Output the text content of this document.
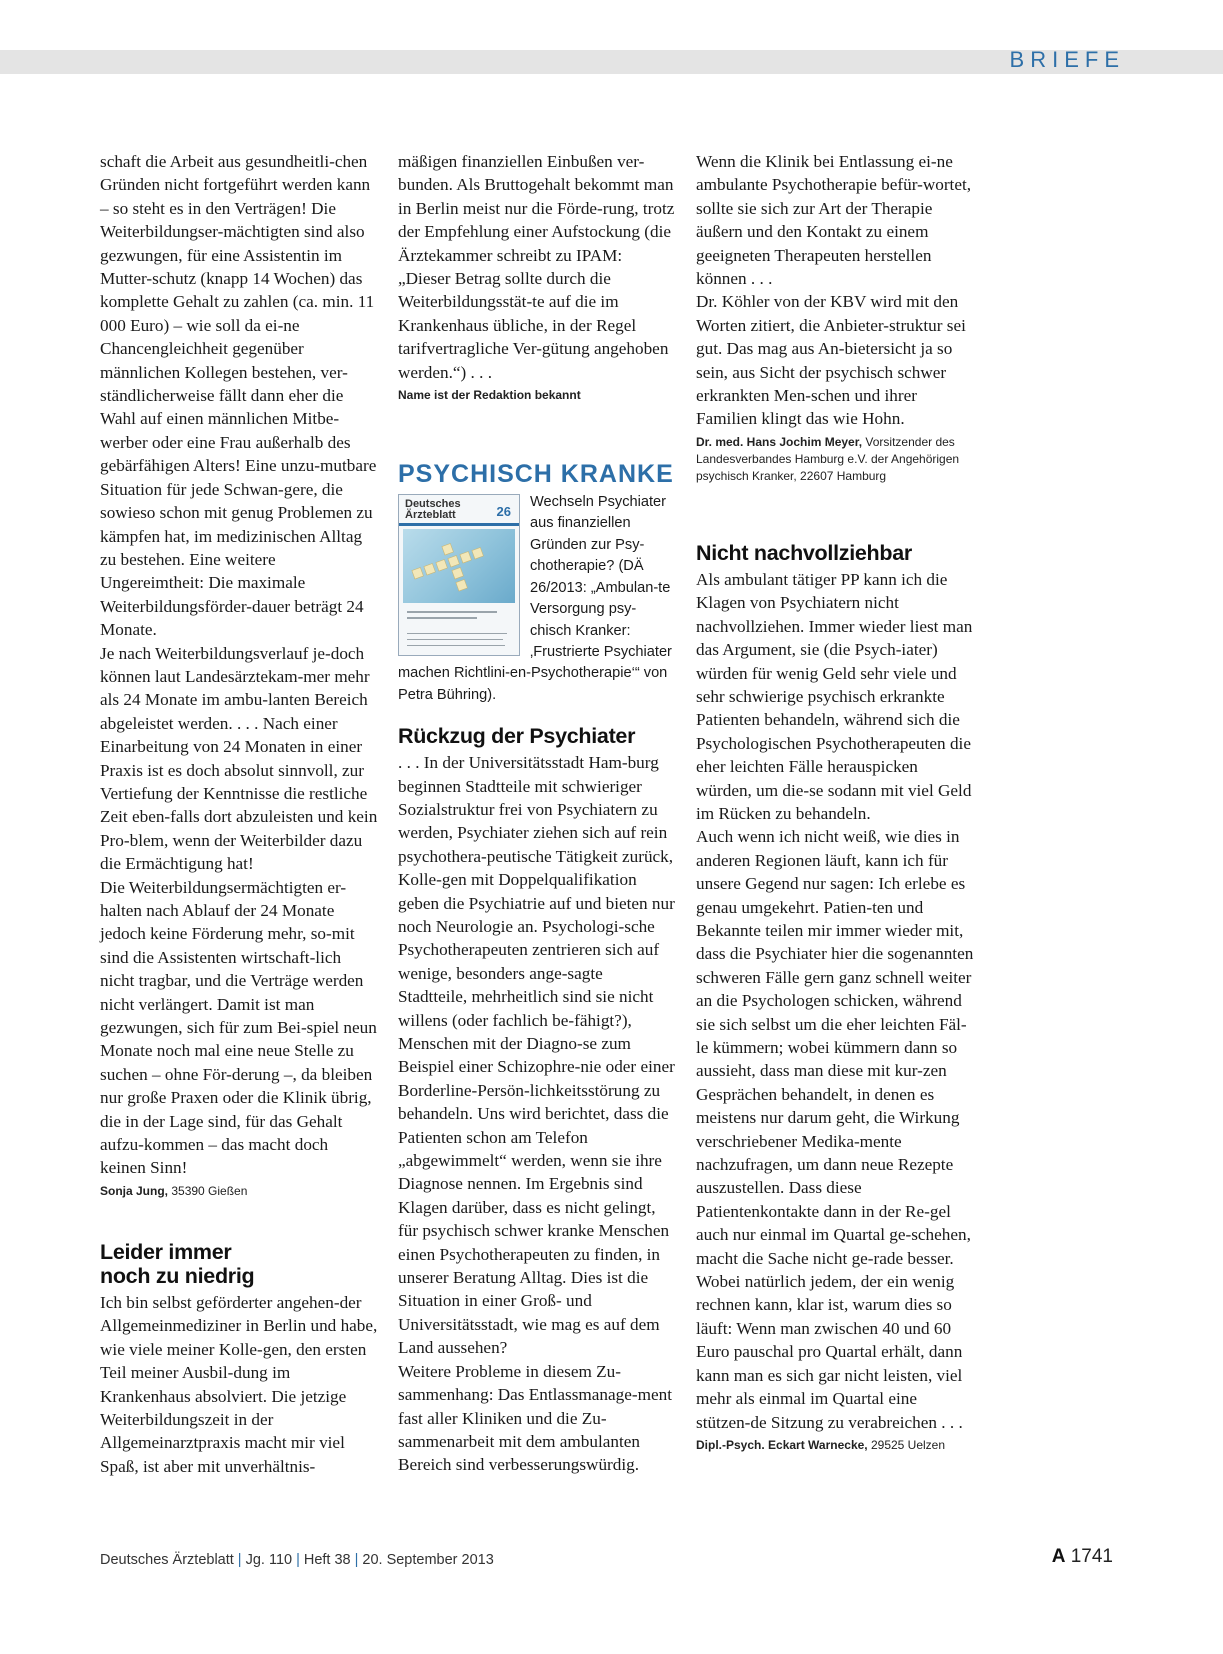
BRIEFE

schaft die Arbeit aus gesundheitli-chen Gründen nicht fortgeführt werden kann – so steht es in den Verträgen! Die Weiterbildungser-mächtigten sind also gezwungen, für eine Assistentin im Mutter-schutz (knapp 14 Wochen) das komplette Gehalt zu zahlen (ca. min. 11 000 Euro) – wie soll da ei-ne Chancengleichheit gegenüber männlichen Kollegen bestehen, ver-ständlicherweise fällt dann eher die Wahl auf einen männlichen Mitbe-werber oder eine Frau außerhalb des gebärfähigen Alters! Eine unzu-mutbare Situation für jede Schwan-gere, die sowieso schon mit genug Problemen zu kämpfen hat, im medizinischen Alltag zu bestehen. Eine weitere Ungereimtheit: Die maximale Weiterbildungsförder-dauer beträgt 24 Monate.

Je nach Weiterbildungsverlauf je-doch können laut Landesärztekam-mer mehr als 24 Monate im ambu-lanten Bereich abgeleistet werden. . . . Nach einer Einarbeitung von 24 Monaten in einer Praxis ist es doch absolut sinnvoll, zur Vertiefung der Kenntnisse die restliche Zeit eben-falls dort abzuleisten und kein Pro-blem, wenn der Weiterbilder dazu die Ermächtigung hat!

Die Weiterbildungsermächtigten er-halten nach Ablauf der 24 Monate jedoch keine Förderung mehr, so-mit sind die Assistenten wirtschaft-lich nicht tragbar, und die Verträge werden nicht verlängert. Damit ist man gezwungen, sich für zum Bei-spiel neun Monate noch mal eine neue Stelle zu suchen – ohne För-derung –, da bleiben nur große Praxen oder die Klinik übrig, die in der Lage sind, für das Gehalt aufzu-kommen – das macht doch keinen Sinn!

Sonja Jung, 35390 Gießen
Leider immer noch zu niedrig

Ich bin selbst geförderter angehen-der Allgemeinmediziner in Berlin und habe, wie viele meiner Kolle-gen, den ersten Teil meiner Ausbil-dung im Krankenhaus absolviert. Die jetzige Weiterbildungszeit in der Allgemeinarztpraxis macht mir viel Spaß, ist aber mit unverhältnis-

mäßigen finanziellen Einbußen ver-bunden. Als Bruttogehalt bekommt man in Berlin meist nur die Förde-rung, trotz der Empfehlung einer Aufstockung (die Ärztekammer schreibt zu IPAM: „Dieser Betrag sollte durch die Weiterbildungsstät-te auf die im Krankenhaus übliche, in der Regel tarifvertragliche Ver-gütung angehoben werden.“) . . .

Name ist der Redaktion bekannt
PSYCHISCH KRANKE
Deutsches Ärzteblatt	26
Wechseln Psychiater aus finanziellen Gründen zur Psy-chotherapie? (DÄ 26/2013: „Ambulan-te Versorgung psy-chisch Kranker: ‚Frustrierte Psychiater machen Richtlini-en-Psychotherapie‘“ von Petra Bühring).
Rückzug der Psychiater

. . . In der Universitätsstadt Ham-burg beginnen Stadtteile mit schwieriger Sozialstruktur frei von Psychiatern zu werden, Psychiater ziehen sich auf rein psychothera-peutische Tätigkeit zurück, Kolle-gen mit Doppelqualifikation geben die Psychiatrie auf und bieten nur noch Neurologie an. Psychologi-sche Psychotherapeuten zentrieren sich auf wenige, besonders ange-sagte Stadtteile, mehrheitlich sind sie nicht willens (oder fachlich be-fähigt?), Menschen mit der Diagno-se zum Beispiel einer Schizophre-nie oder einer Borderline-Persön-lichkeitsstörung zu behandeln. Uns wird berichtet, dass die Patienten schon am Telefon „abgewimmelt“ werden, wenn sie ihre Diagnose nennen. Im Ergebnis sind Klagen darüber, dass es nicht gelingt, für psychisch schwer kranke Menschen einen Psychotherapeuten zu finden, in unserer Beratung Alltag. Dies ist die Situation in einer Groß- und Universitätsstadt, wie mag es auf dem Land aussehen?

Weitere Probleme in diesem Zu-sammenhang: Das Entlassmanage-ment fast aller Kliniken und die Zu-sammenarbeit mit dem ambulanten Bereich sind verbesserungswürdig.

Wenn die Klinik bei Entlassung ei-ne ambulante Psychotherapie befür-wortet, sollte sie sich zur Art der Therapie äußern und den Kontakt zu einem geeigneten Therapeuten herstellen können . . .

Dr. Köhler von der KBV wird mit den Worten zitiert, die Anbieter-struktur sei gut. Das mag aus An-bietersicht ja so sein, aus Sicht der psychisch schwer erkrankten Men-schen und ihrer Familien klingt das wie Hohn.

Dr. med. Hans Jochim Meyer, Vorsitzender des Landesverbandes Hamburg e.V. der Angehörigen psychisch Kranker, 22607 Hamburg
Nicht nachvollziehbar

Als ambulant tätiger PP kann ich die Klagen von Psychiatern nicht nachvollziehen. Immer wieder liest man das Argument, sie (die Psych-iater) würden für wenig Geld sehr viele und sehr schwierige psychisch erkrankte Patienten behandeln, während sich die Psychologischen Psychotherapeuten die eher leichten Fälle herauspicken würden, um die-se sodann mit viel Geld im Rücken zu behandeln.

Auch wenn ich nicht weiß, wie dies in anderen Regionen läuft, kann ich für unsere Gegend nur sagen: Ich erlebe es genau umgekehrt. Patien-ten und Bekannte teilen mir immer wieder mit, dass die Psychiater hier die sogenannten schweren Fälle gern ganz schnell weiter an die Psychologen schicken, während sie sich selbst um die eher leichten Fäl-le kümmern; wobei kümmern dann so aussieht, dass man diese mit kur-zen Gesprächen behandelt, in denen es meistens nur darum geht, die Wirkung verschriebener Medika-mente nachzufragen, um dann neue Rezepte auszustellen. Dass diese Patientenkontakte dann in der Re-gel auch nur einmal im Quartal ge-schehen, macht die Sache nicht ge-rade besser. Wobei natürlich jedem, der ein wenig rechnen kann, klar ist, warum dies so läuft: Wenn man zwischen 40 und 60 Euro pauschal pro Quartal erhält, dann kann man es sich gar nicht leisten, viel mehr als einmal im Quartal eine stützen-de Sitzung zu verabreichen . . .

Dipl.-Psych. Eckart Warnecke, 29525 Uelzen
Deutsches Ärzteblatt | Jg. 110 | Heft 38 | 20. September 2013	A 1741
